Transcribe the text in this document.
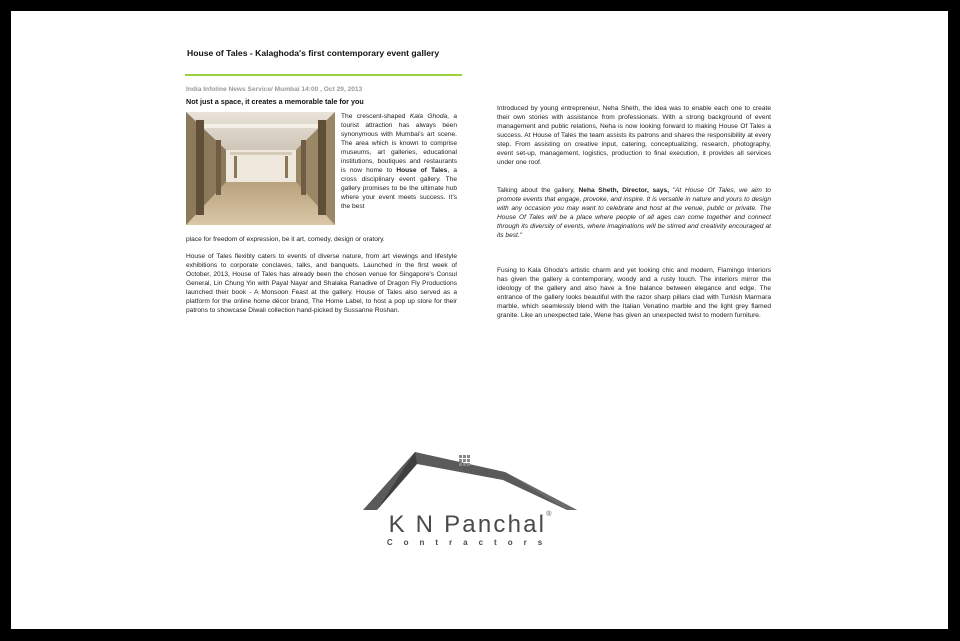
House of Tales - Kalaghoda's first contemporary event gallery
India Infoline News Service/ Mumbai 14:00 , Oct 29, 2013
Not just a space, it creates a memorable tale for you
The crescent-shaped Kala Ghoda, a tourist attraction has always been synonymous with Mumbai's art scene. The area which is known to comprise museums, art galleries, educational institutions, boutiques and restaurants is now home to House of Tales, a cross disciplinary event gallery. The gallery promises to be the ultimate hub where your event meets success. It's the best
place for freedom of expression, be it art, comedy, design or oratory.
House of Tales flexibly caters to events of diverse nature, from art viewings and lifestyle exhibitions to corporate conclaves, talks, and banquets. Launched in the first week of October, 2013, House of Tales has already been the chosen venue for Singapore's Consul General, Lin Chung Yin with Payal Nayar and Shalaka Ranadive of Dragon Fly Productions launched their book - A Monsoon Feast at the gallery. House of Tales also served as a platform for the online home décor brand, The Home Label, to host a pop up store for their patrons to showcase Diwali collection hand-picked by Sussanne Roshan.
Introduced by young entrepreneur, Neha Sheth, the idea was to enable each one to create their own stories with assistance from professionals. With a strong background of event management and public relations, Neha is now looking forward to making House Of Tales a success. At House of Tales the team assists its patrons and shares the responsibility at every step. From assisting on creative input, catering, conceptualizing, research, photography, event set-up, management, logistics, production to final execution, it provides all services under one roof.
Talking about the gallery, Neha Sheth, Director, says, "At House Of Tales, we aim to promote events that engage, provoke, and inspire. It is versatile in nature and yours to design with any occasion you may want to celebrate and host at the venue, public or private. The House Of Tales will be a place where people of all ages can come together and connect through its diversity of events, where imaginations will be stirred and creativity encouraged at its best."
Fusing to Kala Ghoda's artistic charm and yet looking chic and modern, Flamingo Interiors has given the gallery a contemporary, woody and a rusty touch. The interiors mirror the ideology of the gallery and also have a fine balance between elegance and edge. The entrance of the gallery looks beautiful with the razor sharp pillars clad with Turkish Marmara marble, which seamlessly blend with the Italian Venatino marble and the light grey flamed granite. Like an unexpected tale, Wene has given an unexpected twist to modern furniture.
K N Panchal®
Contractors
